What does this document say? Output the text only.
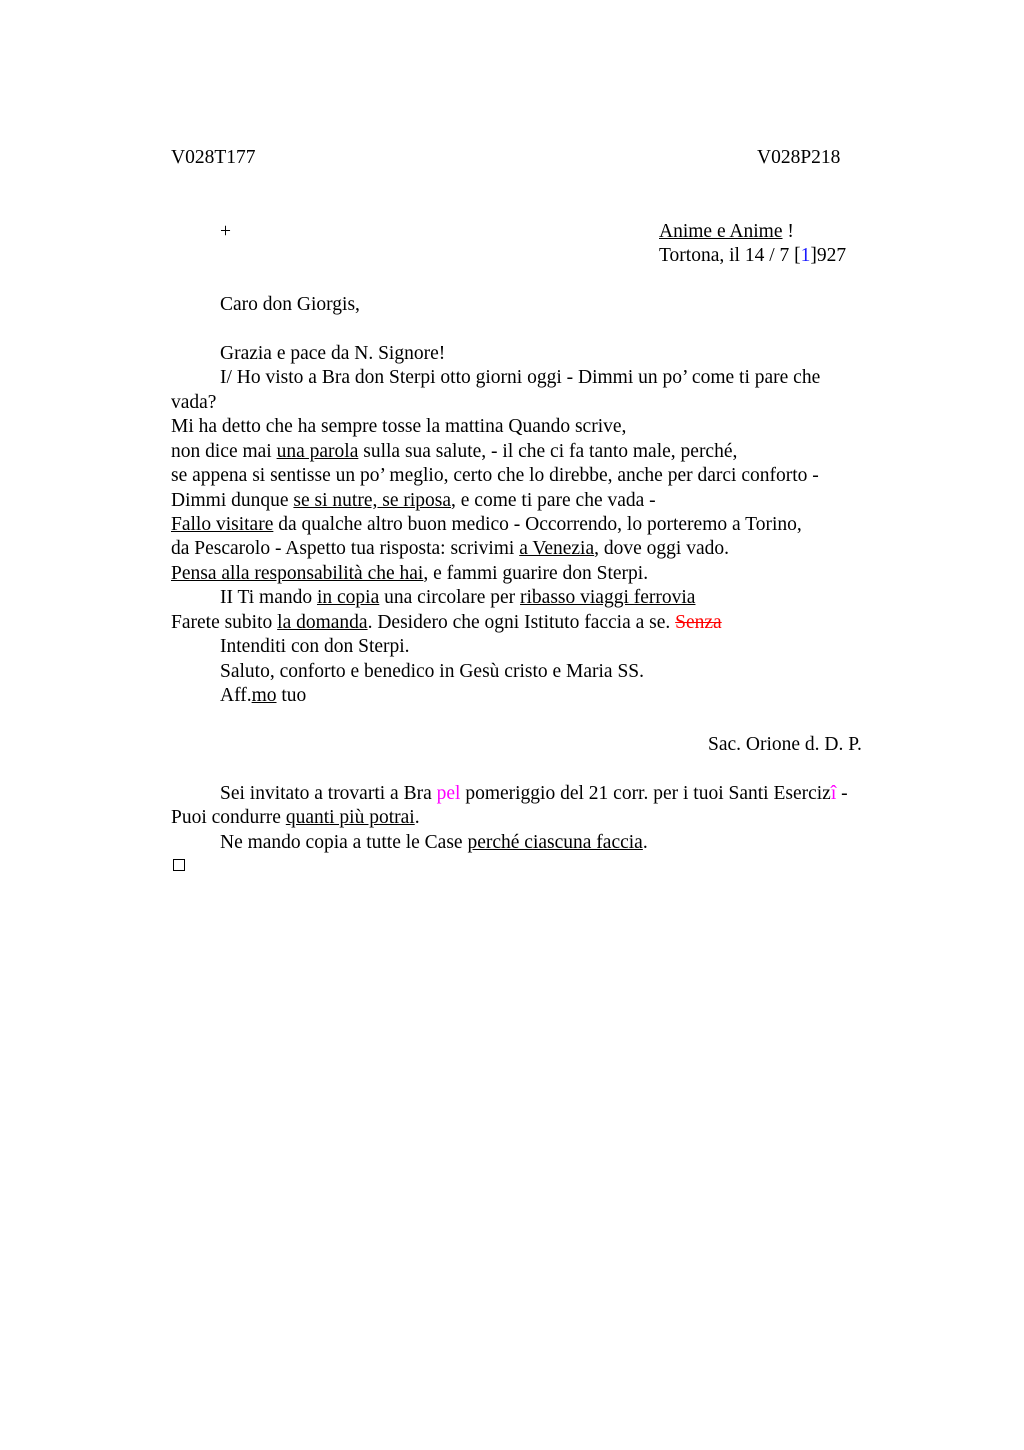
V028T177	V028P218
+	Anime e Anime !
Tortona, il 14 / 7 [1]927
Caro don Giorgis,
Grazia e pace da N. Signore!
I/ Ho visto a Bra don Sterpi otto giorni oggi - Dimmi un po’ come ti pare che
vada?
Mi ha detto che ha sempre tosse la mattina Quando scrive,
non dice mai una parola sulla sua salute, - il che ci fa tanto male, perché,
se appena si sentisse un po’ meglio, certo che lo direbbe, anche per darci conforto -
Dimmi dunque se si nutre, se riposa, e come ti pare che vada -
Fallo visitare da qualche altro buon medico - Occorrendo, lo porteremo a Torino,
da Pescarolo - Aspetto tua risposta: scrivimi a Venezia, dove oggi vado.
Pensa alla responsabilità che hai, e fammi guarire don Sterpi.
II Ti mando in copia una circolare per ribasso viaggi ferrovia
Farete subito la domanda. Desidero che ogni Istituto faccia a se. Senza
Intenditi con don Sterpi.
Saluto, conforto e benedico in Gesù cristo e Maria SS.
Aff.mo tuo
Sac. Orione d. D. P.
Sei invitato a trovarti a Bra pel pomeriggio del 21 corr. per i tuoi Santi Esercizî -
Puoi condurre quanti più potrai.
Ne mando copia a tutte le Case perché ciascuna faccia.
